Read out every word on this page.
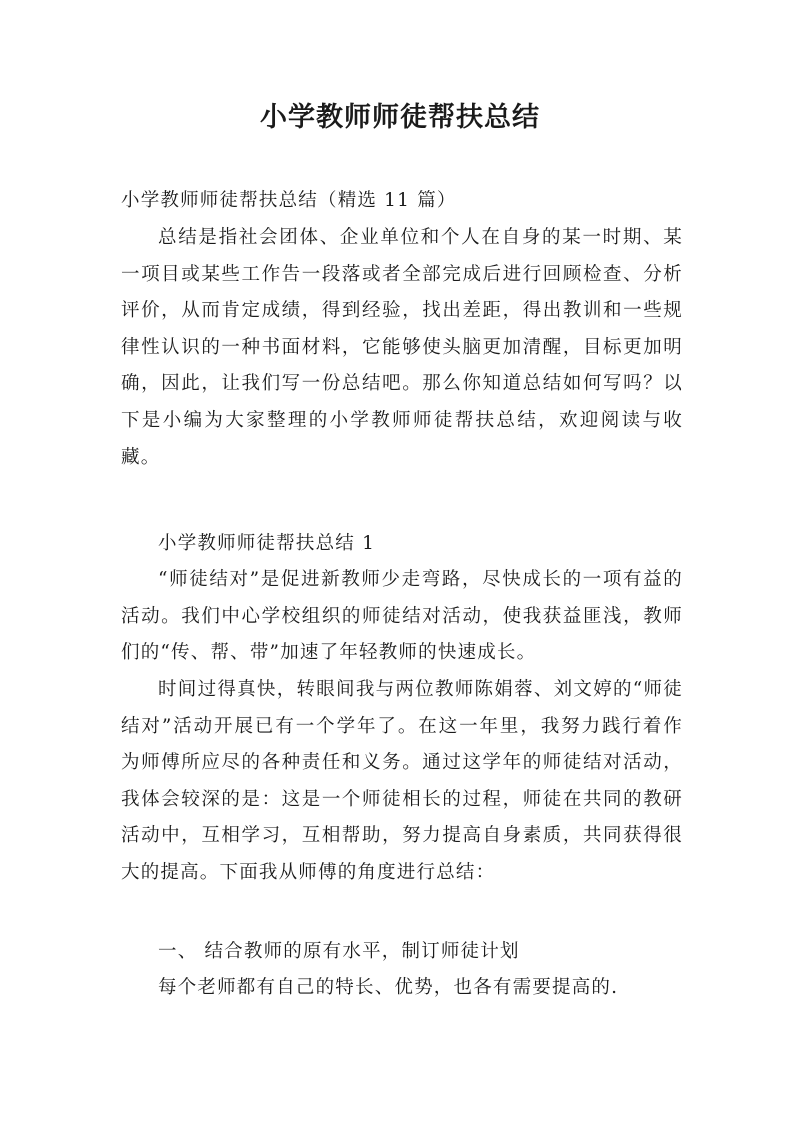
小学教师师徒帮扶总结
小学教师师徒帮扶总结（精选 11 篇）
总结是指社会团体、企业单位和个人在自身的某一时期、某一项目或某些工作告一段落或者全部完成后进行回顾检查、分析评价，从而肯定成绩，得到经验，找出差距，得出教训和一些规律性认识的一种书面材料，它能够使头脑更加清醒，目标更加明确，因此，让我们写一份总结吧。那么你知道总结如何写吗？以下是小编为大家整理的小学教师师徒帮扶总结，欢迎阅读与收藏。
小学教师师徒帮扶总结 1
“师徒结对”是促进新教师少走弯路，尽快成长的一项有益的活动。我们中心学校组织的师徒结对活动，使我获益匪浅，教师们的“传、帮、带”加速了年轻教师的快速成长。
时间过得真快，转眼间我与两位教师陈娟蓉、刘文婷的“师徒结对”活动开展已有一个学年了。在这一年里，我努力践行着作为师傅所应尽的各种责任和义务。通过这学年的师徒结对活动，我体会较深的是：这是一个师徒相长的过程，师徒在共同的教研活动中，互相学习，互相帮助，努力提高自身素质，共同获得很大的提高。下面我从师傅的角度进行总结：
一、 结合教师的原有水平，制订师徒计划
每个老师都有自己的特长、优势，也各有需要提高的.
